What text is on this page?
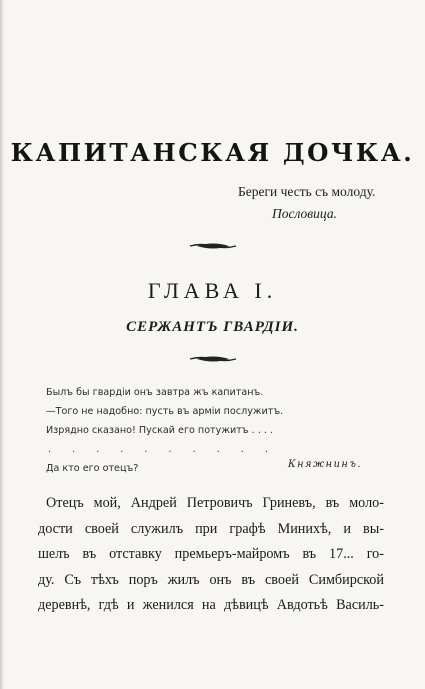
КАПИТАНСКАЯ ДОЧКА.
Береги честь съ молоду.
Пословица.
ГЛАВА I.
СЕРЖАНТЪ ГВАРДІИ.
Былъ бы гвардіи онъ завтра жъ капитанъ.
—Того не надобно: пусть въ арміи послужитъ.
Изрядно сказано! Пускай его потужитъ . . . .
. . . . . . . . . .
Да кто его отецъ?	Княжнинъ.
Отецъ мой, Андрей Петровичъ Гриневъ, въ моло-
дости своей служилъ при графѣ Минихѣ, и вы-
шелъ въ отставку премьеръ-майромъ въ 17... го-
ду. Съ тѣхъ поръ жилъ онъ въ своей Симбирской
деревнѣ, гдѣ и женился на дѣвицѣ Авдотьѣ Василь-
